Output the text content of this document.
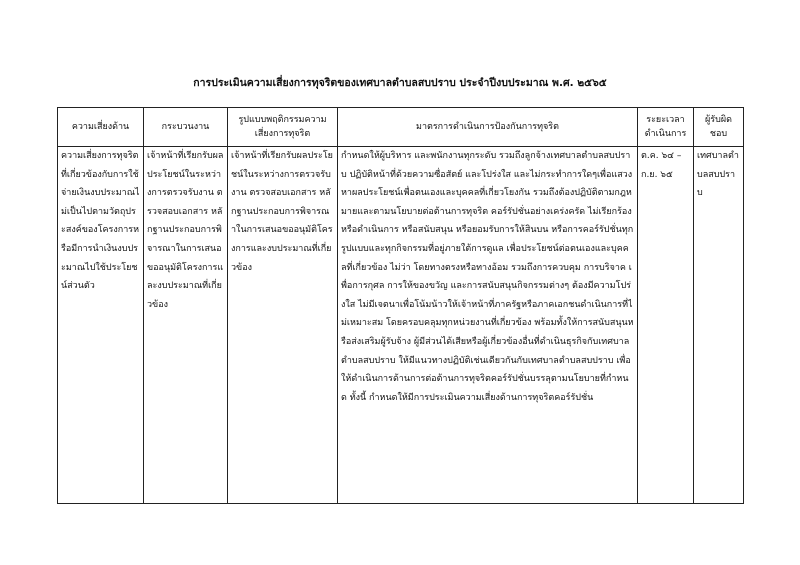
การประเมินความเสี่ยงการทุจริตของเทศบาลตำบลสบปราบ ประจำปีงบประมาณ พ.ศ. ๒๕๖๕
ความเสี่ยงด้าน	กระบวนงาน	รูปแบบพฤติกรรมความเสี่ยงการทุจริต	มาตรการดำเนินการป้องกันการทุจริต	ระยะเวลาดำเนินการ	ผู้รับผิดชอบ

ความเสี่ยงการทุจริตที่เกี่ยวข้องกับการใช้จ่ายเงินงบประมาณไม่เป็นไปตามวัตถุประสงค์ของโครงการหรือมีการนำเงินงบประมาณไปใช้ประโยชน์ส่วนตัว	เจ้าหน้าที่เรียกรับผลประโยชน์ในระหว่างการตรวจรับงาน ตรวจสอบเอกสาร หลักฐานประกอบการพิจารณาในการเสนอขออนุมัติโครงการและงบประมาณที่เกี่ยวข้อง	เจ้าหน้าที่เรียกรับผลประโยชน์ในระหว่างการตรวจรับงาน ตรวจสอบเอกสาร หลักฐานประกอบการพิจารณาในการเสนอขออนุมัติโครงการและงบประมาณที่เกี่ยวข้อง	กำหนดให้ผู้บริหาร และพนักงานทุกระดับ รวมถึงลูกจ้างเทศบาลตำบลสบปราบ ปฏิบัติหน้าที่ด้วยความซื่อสัตย์ และโปร่งใส และไม่กระทำการใดๆเพื่อแสวงหาผลประโยชน์เพื่อตนเองและบุคคลที่เกี่ยวโยงกัน รวมถึงต้องปฏิบัติตามกฎหมายและตามนโยบายต่อต้านการทุจริต คอร์รัปชั่นอย่างเคร่งครัด ไม่เรียกร้อง หรือดำเนินการ หรือสนับสนุน หรือยอมรับการให้สินบน หรือการคอร์รัปชั่นทุกรูปแบบและทุกกิจกรรมที่อยู่ภายใต้การดูแล เพื่อประโยชน์ต่อตนเองและบุคคลที่เกี่ยวข้อง ไม่ว่า โดยทางตรงหรือทางอ้อม รวมถึงการควบคุม การบริจาค เพื่อการกุศล การให้ของขวัญ และการสนับสนุนกิจกรรมต่างๆ ต้องมีความโปร่งใส ไม่มีเจตนาเพื่อโน้มน้าวให้เจ้าหน้าที่ภาครัฐหรือภาคเอกชนดำเนินการที่ไม่เหมาะสม โดยครอบคลุมทุกหน่วยงานที่เกี่ยวข้อง พร้อมทั้งให้การสนับสนุนหรือส่งเสริมผู้รับจ้าง ผู้มีส่วนได้เสียหรือผู้เกี่ยวข้องอื่นที่ดำเนินธุรกิจกับเทศบาลตำบลสบปราบ ให้มีแนวทางปฏิบัติเช่นเดียวกันกับเทศบาลตำบลสบปราบ เพื่อให้ดำเนินการด้านการต่อต้านการทุจริตคอร์รัปชั่นบรรลุตามนโยบายที่กำหนด ทั้งนี้ กำหนดให้มีการประเมินความเสี่ยงด้านการทุจริตคอร์รัปชั่น	ต.ค. ๖๔ – ก.ย. ๖๕	เทศบาลตำบลสบปราบ
